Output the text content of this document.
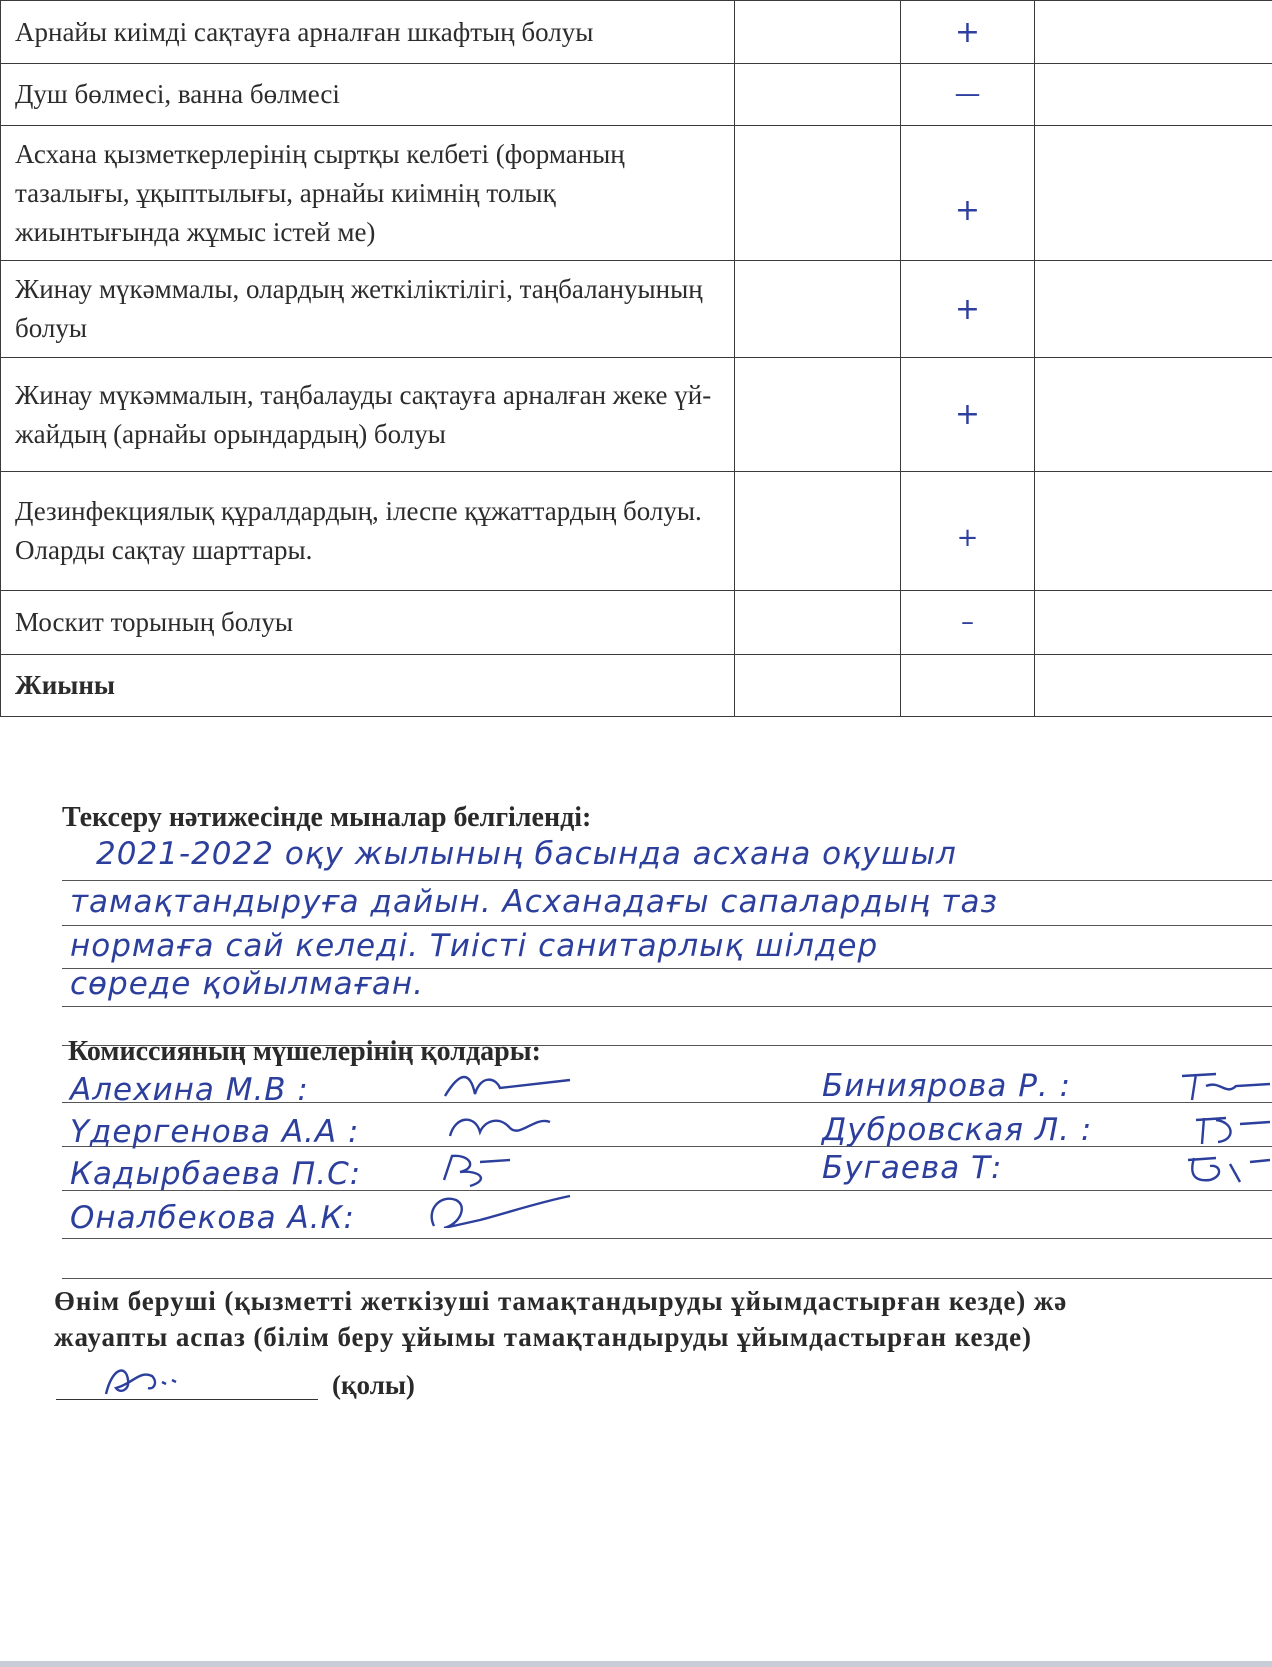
Арнайы киімді сақтауға арналған шкафтың болуы		+	
Душ бөлмесі, ванна бөлмесі		—	
Асхана қызметкерлерінің сыртқы келбеті (форманың тазалығы, ұқыптылығы, арнайы киімнің толық жиынтығында жұмыс істей ме)		+	
Жинау мүкәммалы, олардың жеткіліктілігі, таңбалануының болуы		+	
Жинау мүкәммалын, таңбалауды сақтауға арналған жеке үй-жайдың (арнайы орындардың) болуы		+	
Дезинфекциялық құралдардың, ілеспе құжаттардың болуы. Оларды сақтау шарттары.		+	
Москит торының болуы		–	
Жиыны			
Тексеру нәтижесінде мыналар белгіленді:
2021-2022 оқу жылының басында асхана оқушыл
тамақтандыруға дайын. Асханадағы сапалардың таз
нормаға сай келеді. Тиісті санитарлық шілдер
сөреде қойылмаған.
Комиссияның мүшелерінің қолдары:
Алехина М.В :
Үдергенова А.А :
Кадырбаева П.С:
Оналбекова А.К:
Биниярова Р. :
Дубровская Л. :
Бугаева Т:
Өнім беруші (қызметті жеткізуші тамақтандыруды ұйымдастырған кезде) жә
жауапты аспаз (білім беру ұйымы тамақтандыруды ұйымдастырған кезде)
(қолы)
